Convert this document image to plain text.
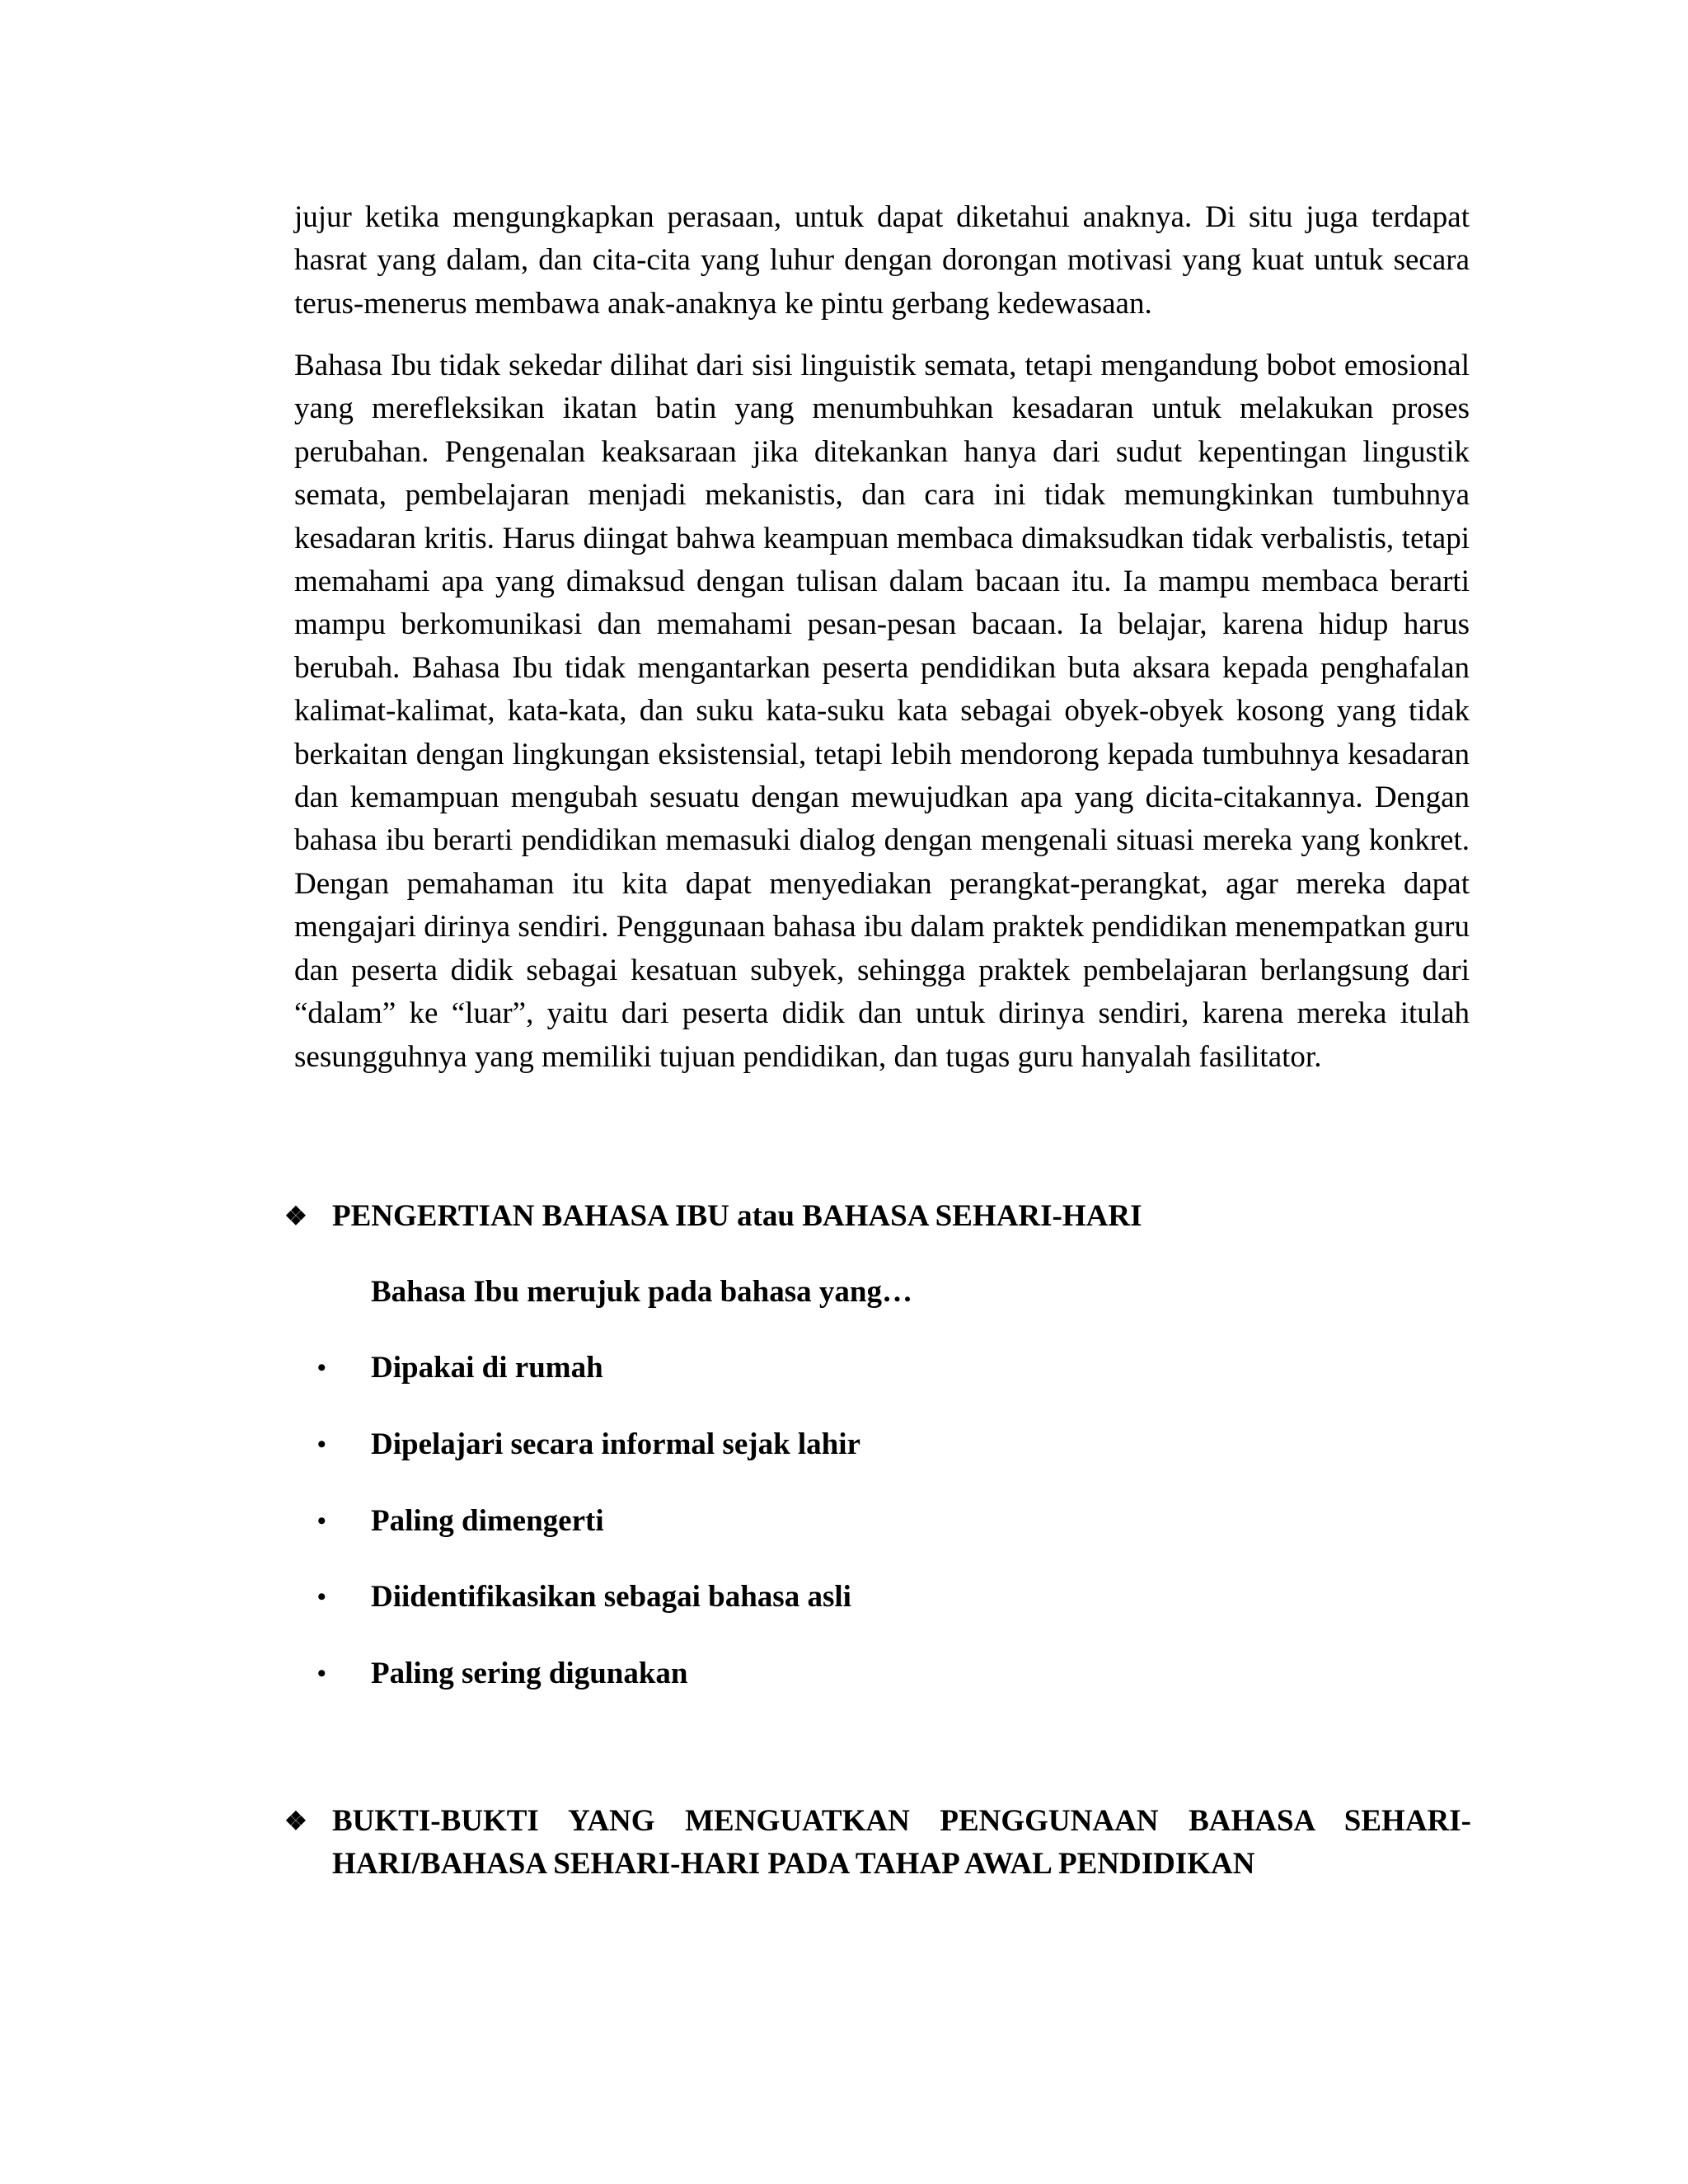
jujur ketika mengungkapkan perasaan, untuk dapat diketahui anaknya. Di situ juga terdapat hasrat yang dalam, dan cita-cita yang luhur dengan dorongan motivasi yang kuat untuk secara terus-menerus membawa anak-anaknya ke pintu gerbang kedewasaan.

Bahasa Ibu tidak sekedar dilihat dari sisi linguistik semata, tetapi mengandung bobot emosional yang merefleksikan ikatan batin yang menumbuhkan kesadaran untuk melakukan proses perubahan. Pengenalan keaksaraan jika ditekankan hanya dari sudut kepentingan lingustik semata, pembelajaran menjadi mekanistis, dan cara ini tidak memungkinkan tumbuhnya kesadaran kritis. Harus diingat bahwa keampuan membaca dimaksudkan tidak verbalistis, tetapi memahami apa yang dimaksud dengan tulisan dalam bacaan itu. Ia mampu membaca berarti mampu berkomunikasi dan memahami pesan-pesan bacaan. Ia belajar, karena hidup harus berubah. Bahasa Ibu tidak mengantarkan peserta pendidikan buta aksara kepada penghafalan kalimat-kalimat, kata-kata, dan suku kata-suku kata sebagai obyek-obyek kosong yang tidak berkaitan dengan lingkungan eksistensial, tetapi lebih mendorong kepada tumbuhnya kesadaran dan kemampuan mengubah sesuatu dengan mewujudkan apa yang dicita-citakannya. Dengan bahasa ibu berarti pendidikan memasuki dialog dengan mengenali situasi mereka yang konkret. Dengan pemahaman itu kita dapat menyediakan perangkat-perangkat, agar mereka dapat mengajari dirinya sendiri. Penggunaan bahasa ibu dalam praktek pendidikan menempatkan guru dan peserta didik sebagai kesatuan subyek, sehingga praktek pembelajaran berlangsung dari “dalam” ke “luar”, yaitu dari peserta didik dan untuk dirinya sendiri, karena mereka itulah sesungguhnya yang memiliki tujuan pendidikan, dan tugas guru hanyalah fasilitator.

❖ PENGERTIAN BAHASA IBU atau BAHASA SEHARI-HARI

Bahasa Ibu merujuk pada bahasa yang…

• Dipakai di rumah
• Dipelajari secara informal sejak lahir
• Paling dimengerti
• Diidentifikasikan sebagai bahasa asli
• Paling sering digunakan
❖ BUKTI-BUKTI YANG MENGUATKAN PENGGUNAAN BAHASA SEHARI-HARI/BAHASA SEHARI-HARI PADA TAHAP AWAL PENDIDIKAN
